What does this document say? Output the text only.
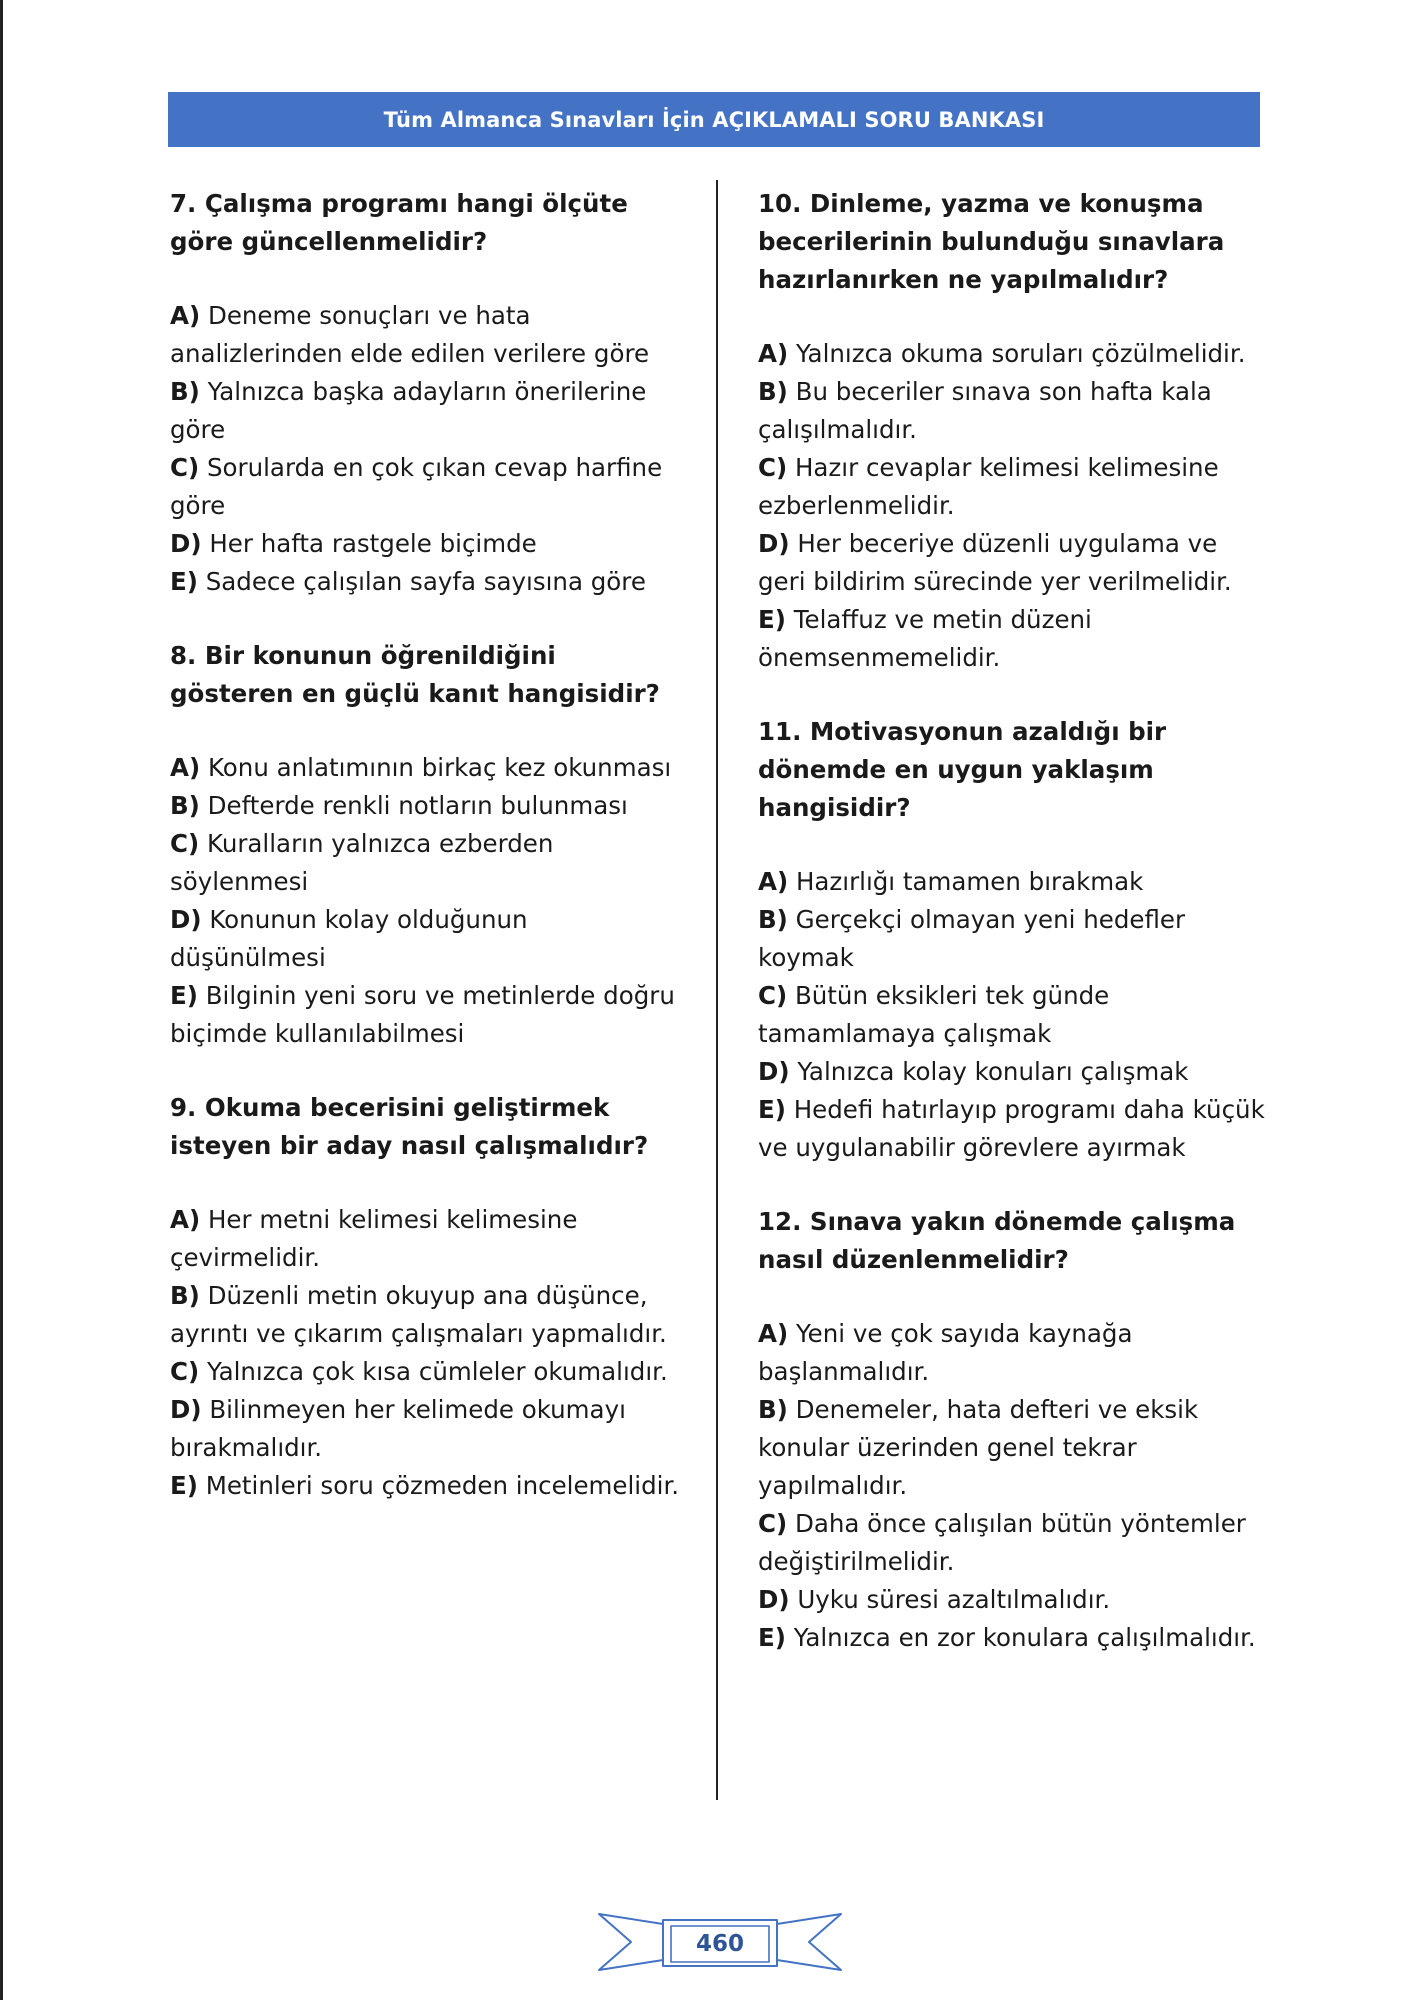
Tüm Almanca Sınavları İçin AÇIKLAMALI SORU BANKASI

7. Çalışma programı hangi ölçüte göre güncellenmelidir?

A) Deneme sonuçları ve hata analizlerinden elde edilen verilere göre

B) Yalnızca başka adayların önerilerine göre

C) Sorularda en çok çıkan cevap harfine göre

D) Her hafta rastgele biçimde

E) Sadece çalışılan sayfa sayısına göre

8. Bir konunun öğrenildiğini gösteren en güçlü kanıt hangisidir?

A) Konu anlatımının birkaç kez okunması

B) Defterde renkli notların bulunması

C) Kuralların yalnızca ezberden söylenmesi

D) Konunun kolay olduğunun düşünülmesi

E) Bilginin yeni soru ve metinlerde doğru biçimde kullanılabilmesi

9. Okuma becerisini geliştirmek isteyen bir aday nasıl çalışmalıdır?

A) Her metni kelimesi kelimesine çevirmelidir.

B) Düzenli metin okuyup ana düşünce, ayrıntı ve çıkarım çalışmaları yapmalıdır.

C) Yalnızca çok kısa cümleler okumalıdır.

D) Bilinmeyen her kelimede okumayı bırakmalıdır.

E) Metinleri soru çözmeden incelemelidir.

10. Dinleme, yazma ve konuşma becerilerinin bulunduğu sınavlara hazırlanırken ne yapılmalıdır?

A) Yalnızca okuma soruları çözülmelidir.

B) Bu beceriler sınava son hafta kala çalışılmalıdır.

C) Hazır cevaplar kelimesi kelimesine ezberlenmelidir.

D) Her beceriye düzenli uygulama ve geri bildirim sürecinde yer verilmelidir.

E) Telaffuz ve metin düzeni önemsenmemelidir.

11. Motivasyonun azaldığı bir dönemde en uygun yaklaşım hangisidir?

A) Hazırlığı tamamen bırakmak

B) Gerçekçi olmayan yeni hedefler koymak

C) Bütün eksikleri tek günde tamamlamaya çalışmak

D) Yalnızca kolay konuları çalışmak

E) Hedefi hatırlayıp programı daha küçük ve uygulanabilir görevlere ayırmak

12. Sınava yakın dönemde çalışma nasıl düzenlenmelidir?

A) Yeni ve çok sayıda kaynağa başlanmalıdır.

B) Denemeler, hata defteri ve eksik konular üzerinden genel tekrar yapılmalıdır.

C) Daha önce çalışılan bütün yöntemler değiştirilmelidir.

D) Uyku süresi azaltılmalıdır.

E) Yalnızca en zor konulara çalışılmalıdır.

460
